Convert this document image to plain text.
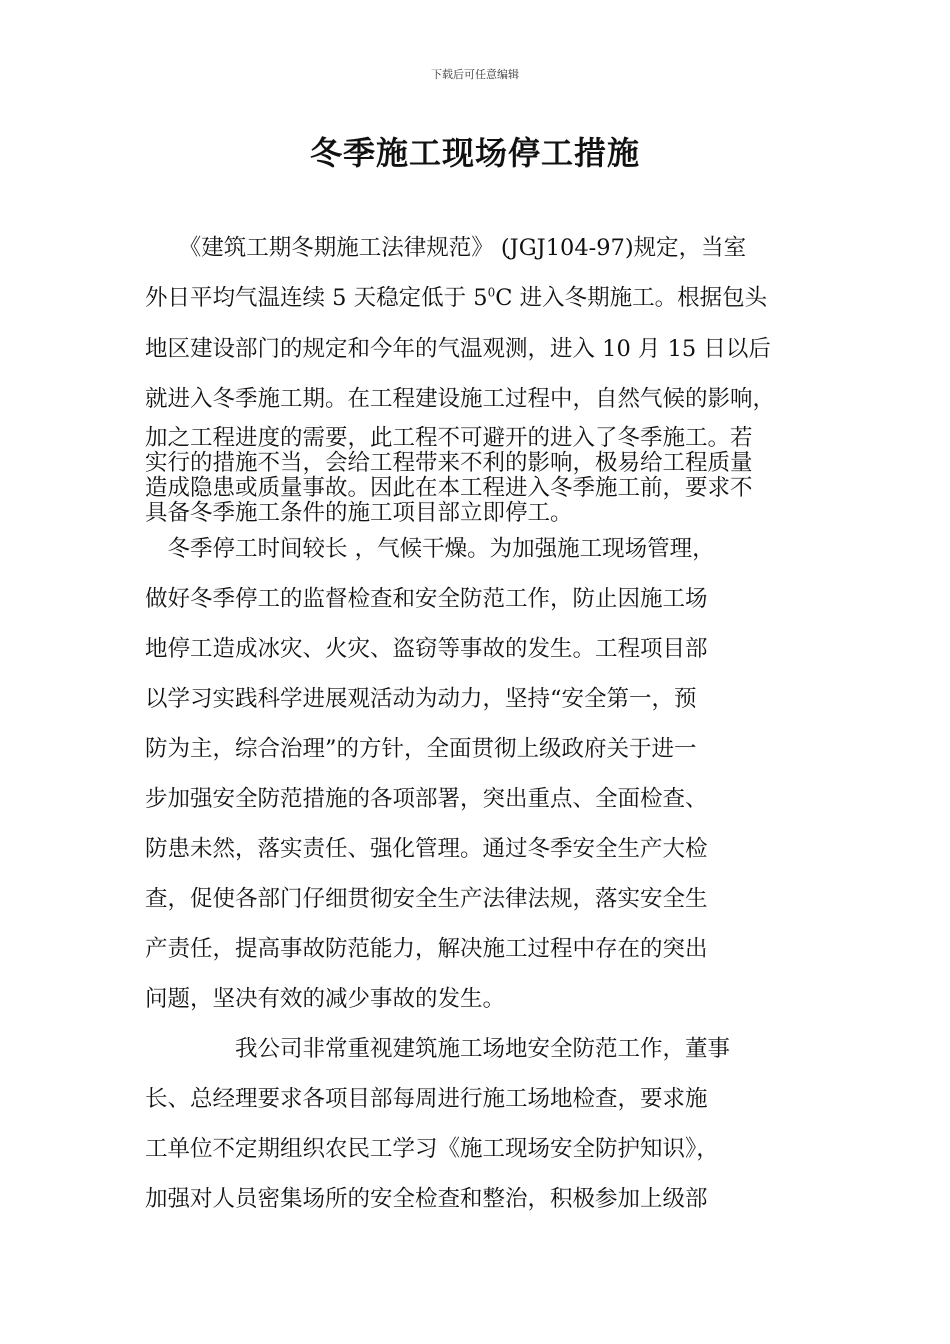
下载后可任意编辑
冬季施工现场停工措施
　　《建筑工期冬期施工法律规范》 (JGJ104-97)规定，当室
外日平均气温连续 5 天稳定低于 $5^0C$ 进入冬期施工。根据包头
地区建设部门的规定和今年的气温观测，进入 10 月 15 日以后
就进入冬季施工期。在工程建设施工过程中，自然气候的影响，
加之工程进度的需要，此工程不可避开的进入了冬季施工。若
实行的措施不当，会给工程带来不利的影响，极易给工程质量
造成隐患或质量事故。因此在本工程进入冬季施工前，要求不
具备冬季施工条件的施工项目部立即停工。
　冬季停工时间较长 ，气候干燥。为加强施工现场管理，
做好冬季停工的监督检查和安全防范工作，防止因施工场
地停工造成冰灾、火灾、盗窃等事故的发生。工程项目部
以学习实践科学进展观活动为动力，坚持“安全第一，预
防为主，综合治理”的方针，全面贯彻上级政府关于进一
步加强安全防范措施的各项部署，突出重点、全面检查、
防患未然，落实责任、强化管理。通过冬季安全生产大检
查，促使各部门仔细贯彻安全生产法律法规，落实安全生
产责任，提高事故防范能力，解决施工过程中存在的突出
问题，坚决有效的减少事故的发生。
　　　　我公司非常重视建筑施工场地安全防范工作，董事
长、总经理要求各项目部每周进行施工场地检查，要求施
工单位不定期组织农民工学习《施工现场安全防护知识》，
加强对人员密集场所的安全检查和整治，积极参加上级部
